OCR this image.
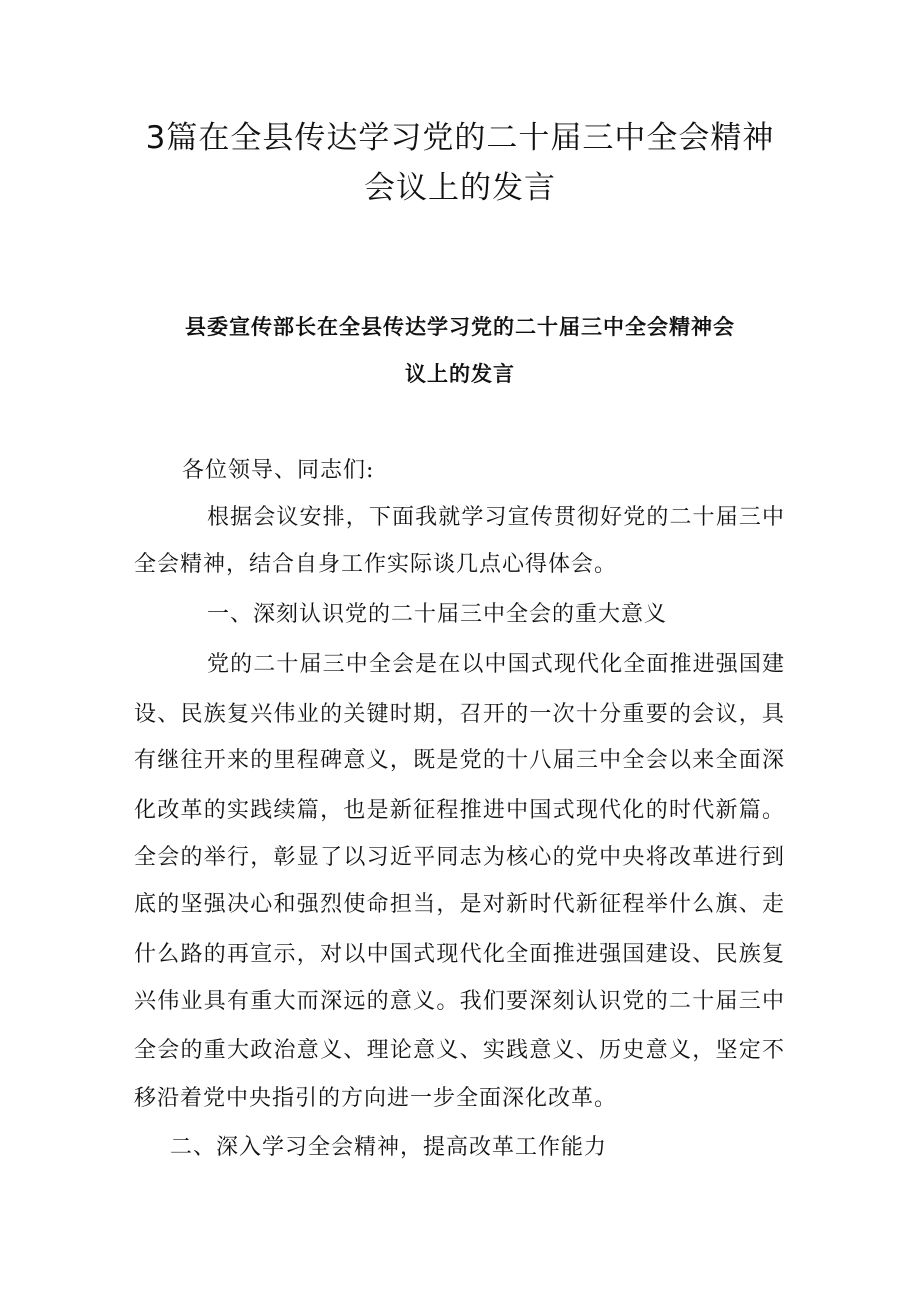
3篇在全县传达学习党的二十届三中全会精神
会议上的发言
县委宣传部长在全县传达学习党的二十届三中全会精神会
议上的发言

各位领导、同志们:

根据会议安排，下面我就学习宣传贯彻好党的二十届三中

全会精神，结合自身工作实际谈几点心得体会。

一、深刻认识党的二十届三中全会的重大意义

党的二十届三中全会是在以中国式现代化全面推进强国建

设、民族复兴伟业的关键时期，召开的一次十分重要的会议，具

有继往开来的里程碑意义，既是党的十八届三中全会以来全面深

化改革的实践续篇，也是新征程推进中国式现代化的时代新篇。

全会的举行，彰显了以习近平同志为核心的党中央将改革进行到

底的坚强决心和强烈使命担当，是对新时代新征程举什么旗、走

什么路的再宣示，对以中国式现代化全面推进强国建设、民族复

兴伟业具有重大而深远的意义。我们要深刻认识党的二十届三中

全会的重大政治意义、理论意义、实践意义、历史意义，坚定不

移沿着党中央指引的方向进一步全面深化改革。

二、深入学习全会精神，提高改革工作能力
